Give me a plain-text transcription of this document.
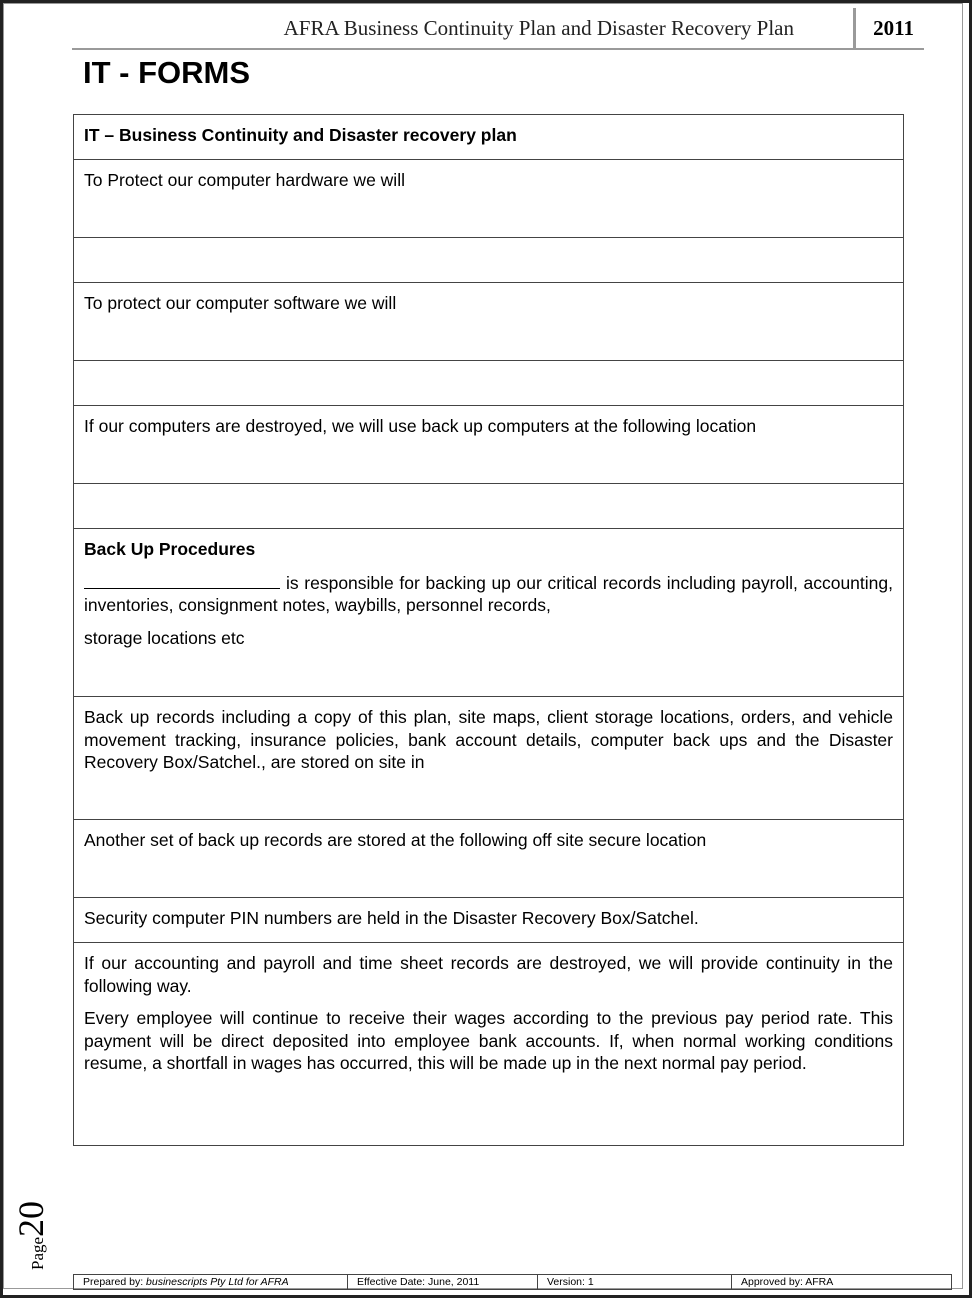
AFRA Business Continuity Plan and Disaster Recovery Plan	2011
IT - FORMS
IT – Business Continuity and Disaster recovery plan
To Protect our computer hardware we will
To protect our computer software we will
If our computers are destroyed, we will use back up computers at the following location

Back Up Procedures

is responsible for backing up our critical records including payroll, accounting, inventories, consignment notes, waybills, personnel records,

storage locations etc

Back up records including a copy of this plan, site maps, client storage locations, orders, and vehicle movement tracking, insurance policies, bank account details, computer back ups and the Disaster Recovery Box/Satchel., are stored on site in
Another set of back up records are stored at the following off site secure location
Security computer PIN numbers are held in the Disaster Recovery Box/Satchel.

If our accounting and payroll and time sheet records are destroyed, we will provide continuity in the following way.

Every employee will continue to receive their wages according to the previous pay period rate. This payment will be direct deposited into employee bank accounts. If, when normal working conditions resume, a shortfall in wages has occurred, this will be made up in the next normal pay period.

Page20
Prepared by: businescripts Pty Ltd for AFRA	Effective Date: June, 2011	Version: 1	Approved by: AFRA
